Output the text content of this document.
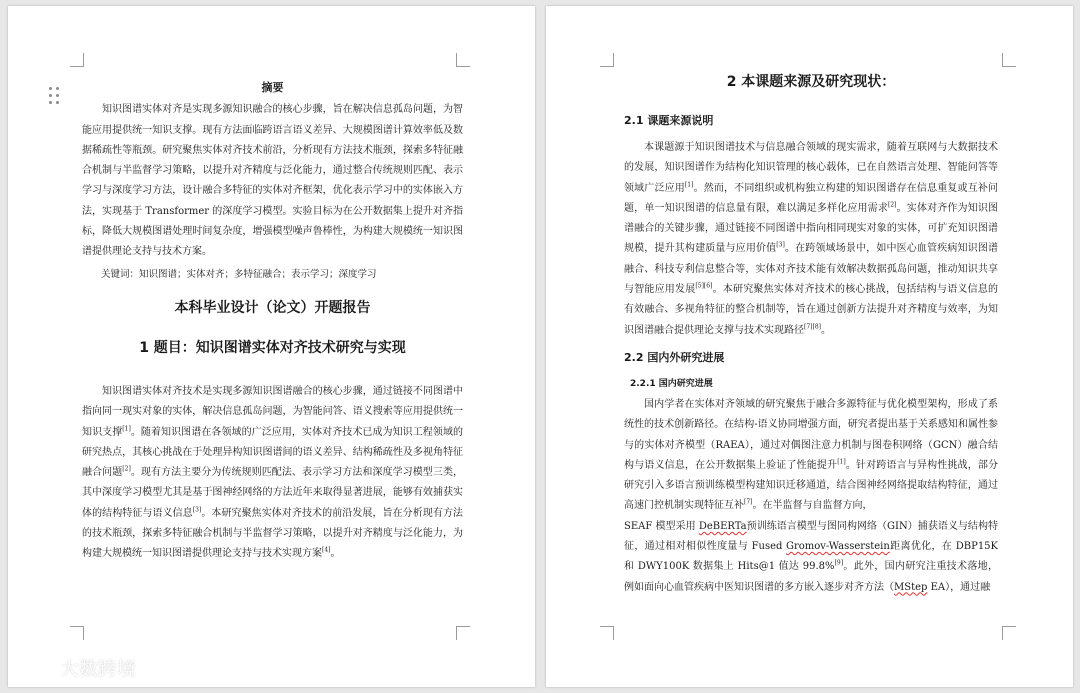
摘要

知识图谱实体对齐是实现多源知识融合的核心步骤，旨在解决信息孤岛问题，为智能应用提供统一知识支撑。现有方法面临跨语言语义差异、大规模图谱计算效率低及数据稀疏性等瓶颈。研究聚焦实体对齐技术前沿，分析现有方法技术瓶颈，探索多特征融合机制与半监督学习策略，以提升对齐精度与泛化能力，通过整合传统规则匹配、表示学习与深度学习方法，设计融合多特征的实体对齐框架，优化表示学习中的实体嵌入方法，实现基于 Transformer 的深度学习模型。实验目标为在公开数据集上提升对齐指标，降低大规模图谱处理时间复杂度，增强模型噪声鲁棒性，为构建大规模统一知识图谱提供理论支持与技术方案。

关键词：知识图谱；实体对齐；多特征融合；表示学习；深度学习

本科毕业设计（论文）开题报告
1 题目：知识图谱实体对齐技术研究与实现

知识图谱实体对齐技术是实现多源知识图谱融合的核心步骤，通过链接不同图谱中指向同一现实对象的实体，解决信息孤岛问题，为智能问答、语义搜索等应用提供统一知识支撑[1]。随着知识图谱在各领域的广泛应用，实体对齐技术已成为知识工程领域的研究热点，其核心挑战在于处理异构知识图谱间的语义差异、结构稀疏性及多视角特征融合问题[2]。现有方法主要分为传统规则匹配法、表示学习方法和深度学习模型三类，其中深度学习模型尤其是基于图神经网络的方法近年来取得显著进展，能够有效捕获实体的结构特征与语义信息[3]。本研究聚焦实体对齐技术的前沿发展，旨在分析现有方法的技术瓶颈，探索多特征融合机制与半监督学习策略，以提升对齐精度与泛化能力，为构建大规模统一知识图谱提供理论支持与技术实现方案[4]。

2 本课题来源及研究现状：
2.1 课题来源说明

本课题源于知识图谱技术与信息融合领域的现实需求，随着互联网与大数据技术的发展，知识图谱作为结构化知识管理的核心载体，已在自然语言处理、智能问答等领域广泛应用[1]。然而，不同组织或机构独立构建的知识图谱存在信息重复或互补问题，单一知识图谱的信息量有限，难以满足多样化应用需求[2]。实体对齐作为知识图谱融合的关键步骤，通过链接不同图谱中指向相同现实对象的实体，可扩充知识图谱规模，提升其构建质量与应用价值[3]。在跨领域场景中，如中医心血管疾病知识图谱融合、科技专利信息整合等，实体对齐技术能有效解决数据孤岛问题，推动知识共享与智能应用发展[5][6]。本研究聚焦实体对齐技术的核心挑战，包括结构与语义信息的有效融合、多视角特征的整合机制等，旨在通过创新方法提升对齐精度与效率，为知识图谱融合提供理论支撑与技术实现路径[7][8]。

2.2 国内外研究进展
2.2.1 国内研究进展

国内学者在实体对齐领域的研究聚焦于融合多源特征与优化模型架构，形成了系统性的技术创新路径。在结构-语义协同增强方面，研究者提出基于关系感知和属性参与的实体对齐模型（RAEA），通过对偶图注意力机制与图卷积网络（GCN）融合结构与语义信息，在公开数据集上验证了性能提升[1]。针对跨语言与异构性挑战，部分研究引入多语言预训练模型构建知识迁移通道，结合图神经网络提取结构特征，通过高速门控机制实现特征互补[7]。在半监督与自监督方向，

SEAF 模型采用 DeBERTa预训练语言模型与图同构网络（GIN）捕获语义与结构特征，通过相对相似性度量与 Fused Gromov-Wasserstein距离优化，在 DBP15K 和 DWY100K 数据集上 Hits@1 值达 99.8%[9]。此外，国内研究注重技术落地，例如面向心血管疾病中医知识图谱的多方嵌入逐步对齐方法（MStep EA），通过融

大数跨境
